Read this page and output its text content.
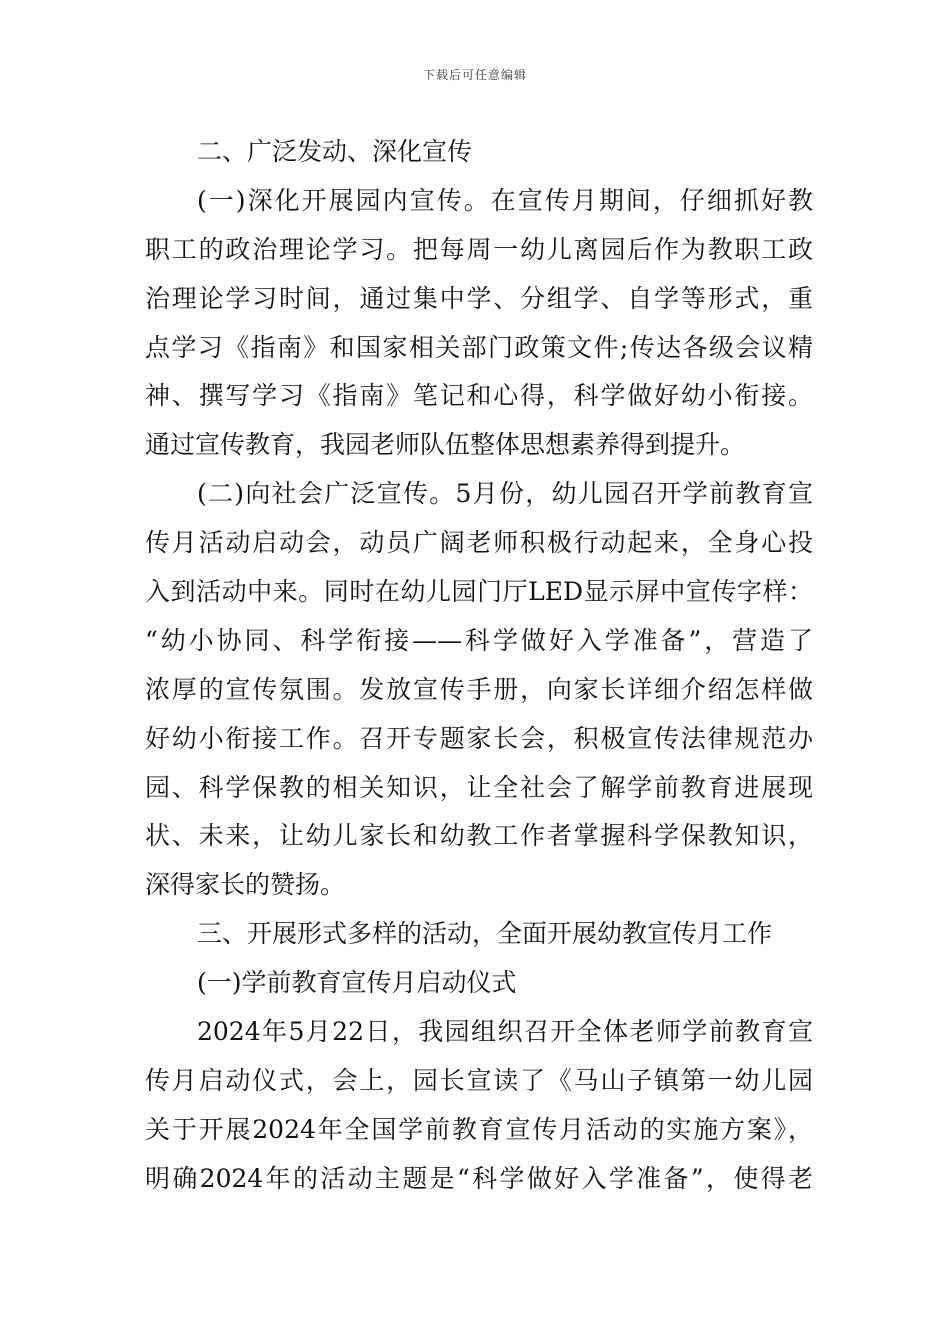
下载后可任意编辑
二、广泛发动、深化宣传
(一)深化开展园内宣传。在宣传月期间，仔细抓好教
职工的政治理论学习。把每周一幼儿离园后作为教职工政
治理论学习时间，通过集中学、分组学、自学等形式，重
点学习《指南》和国家相关部门政策文件;传达各级会议精
神、撰写学习《指南》笔记和心得，科学做好幼小衔接。
通过宣传教育，我园老师队伍整体思想素养得到提升。
(二)向社会广泛宣传。5月份，幼儿园召开学前教育宣
传月活动启动会，动员广阔老师积极行动起来，全身心投
入到活动中来。同时在幼儿园门厅LED显示屏中宣传字样：
“幼小协同、科学衔接——科学做好入学准备”，营造了
浓厚的宣传氛围。发放宣传手册，向家长详细介绍怎样做
好幼小衔接工作。召开专题家长会，积极宣传法律规范办
园、科学保教的相关知识，让全社会了解学前教育进展现
状、未来，让幼儿家长和幼教工作者掌握科学保教知识，
深得家长的赞扬。
三、开展形式多样的活动，全面开展幼教宣传月工作
(一)学前教育宣传月启动仪式
2024年5月22日，我园组织召开全体老师学前教育宣
传月启动仪式，会上，园长宣读了《马山子镇第一幼儿园
关于开展2024年全国学前教育宣传月活动的实施方案》，
明确2024年的活动主题是“科学做好入学准备”，使得老
